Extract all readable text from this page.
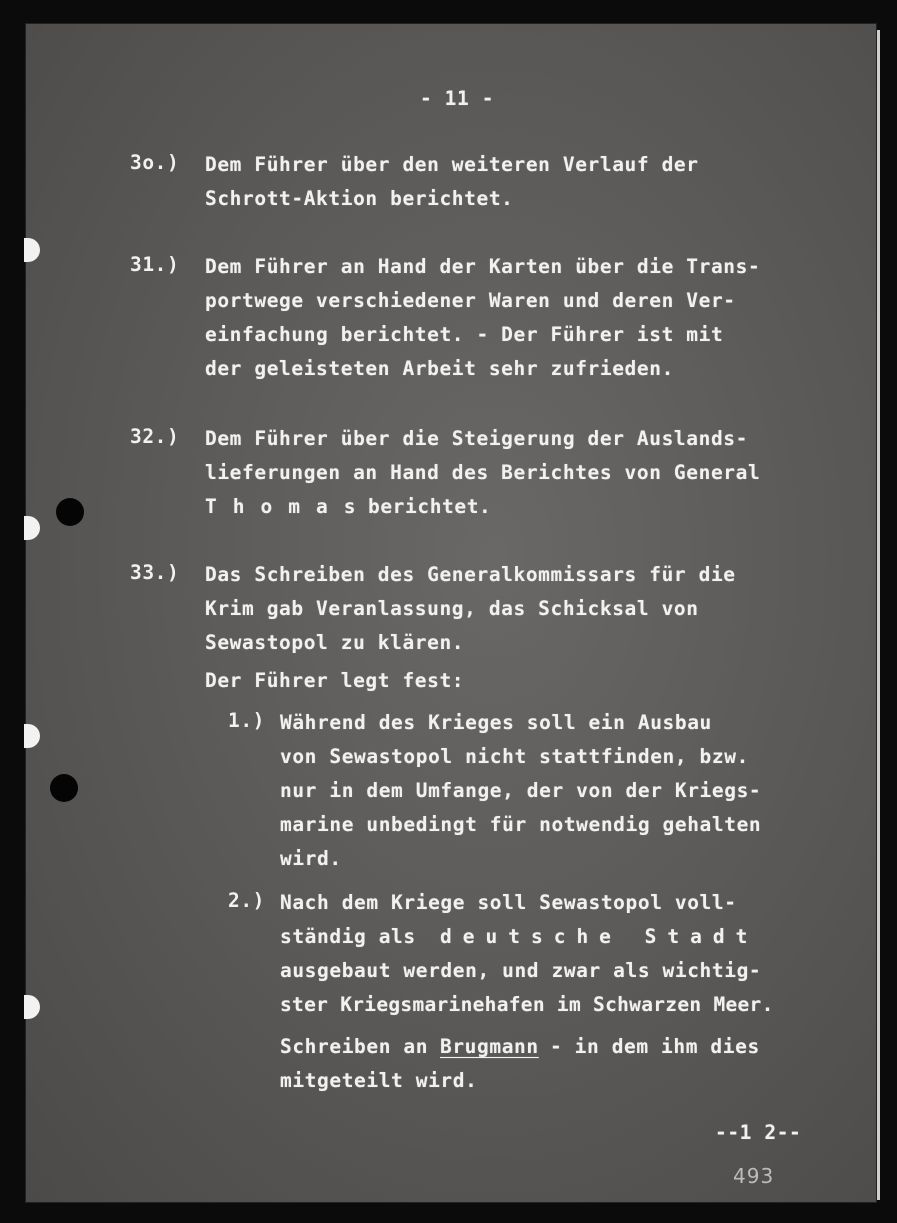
- 11 -
3o.) Dem Führer über den weiteren Verlauf der
Schrott-Aktion berichtet.
31.) Dem Führer an Hand der Karten über die Trans-
portwege verschiedener Waren und deren Ver-
einfachung berichtet. - Der Führer ist mit
der geleisteten Arbeit sehr zufrieden.
32.) Dem Führer über die Steigerung der Auslands-
lieferungen an Hand des Berichtes von General
Thomas
berichtet.
33.) Das Schreiben des Generalkommissars für die
Krim gab Veranlassung, das Schicksal von
Sewastopol zu klären.
Der Führer legt fest:
1.) Während des Krieges soll ein Ausbau
von Sewastopol nicht stattfinden, bzw.
nur in dem Umfange, der von der Kriegs-
marine unbedingt für notwendig gehalten
wird.
2.) Nach dem Kriege soll Sewastopol voll-
ständig als deutsche Stadt
ausgebaut werden, und zwar als wichtig-
ster Kriegsmarinehafen im Schwarzen Meer.
Schreiben an Brugmann - in dem ihm dies
mitgeteilt wird.
--1 2--
493
